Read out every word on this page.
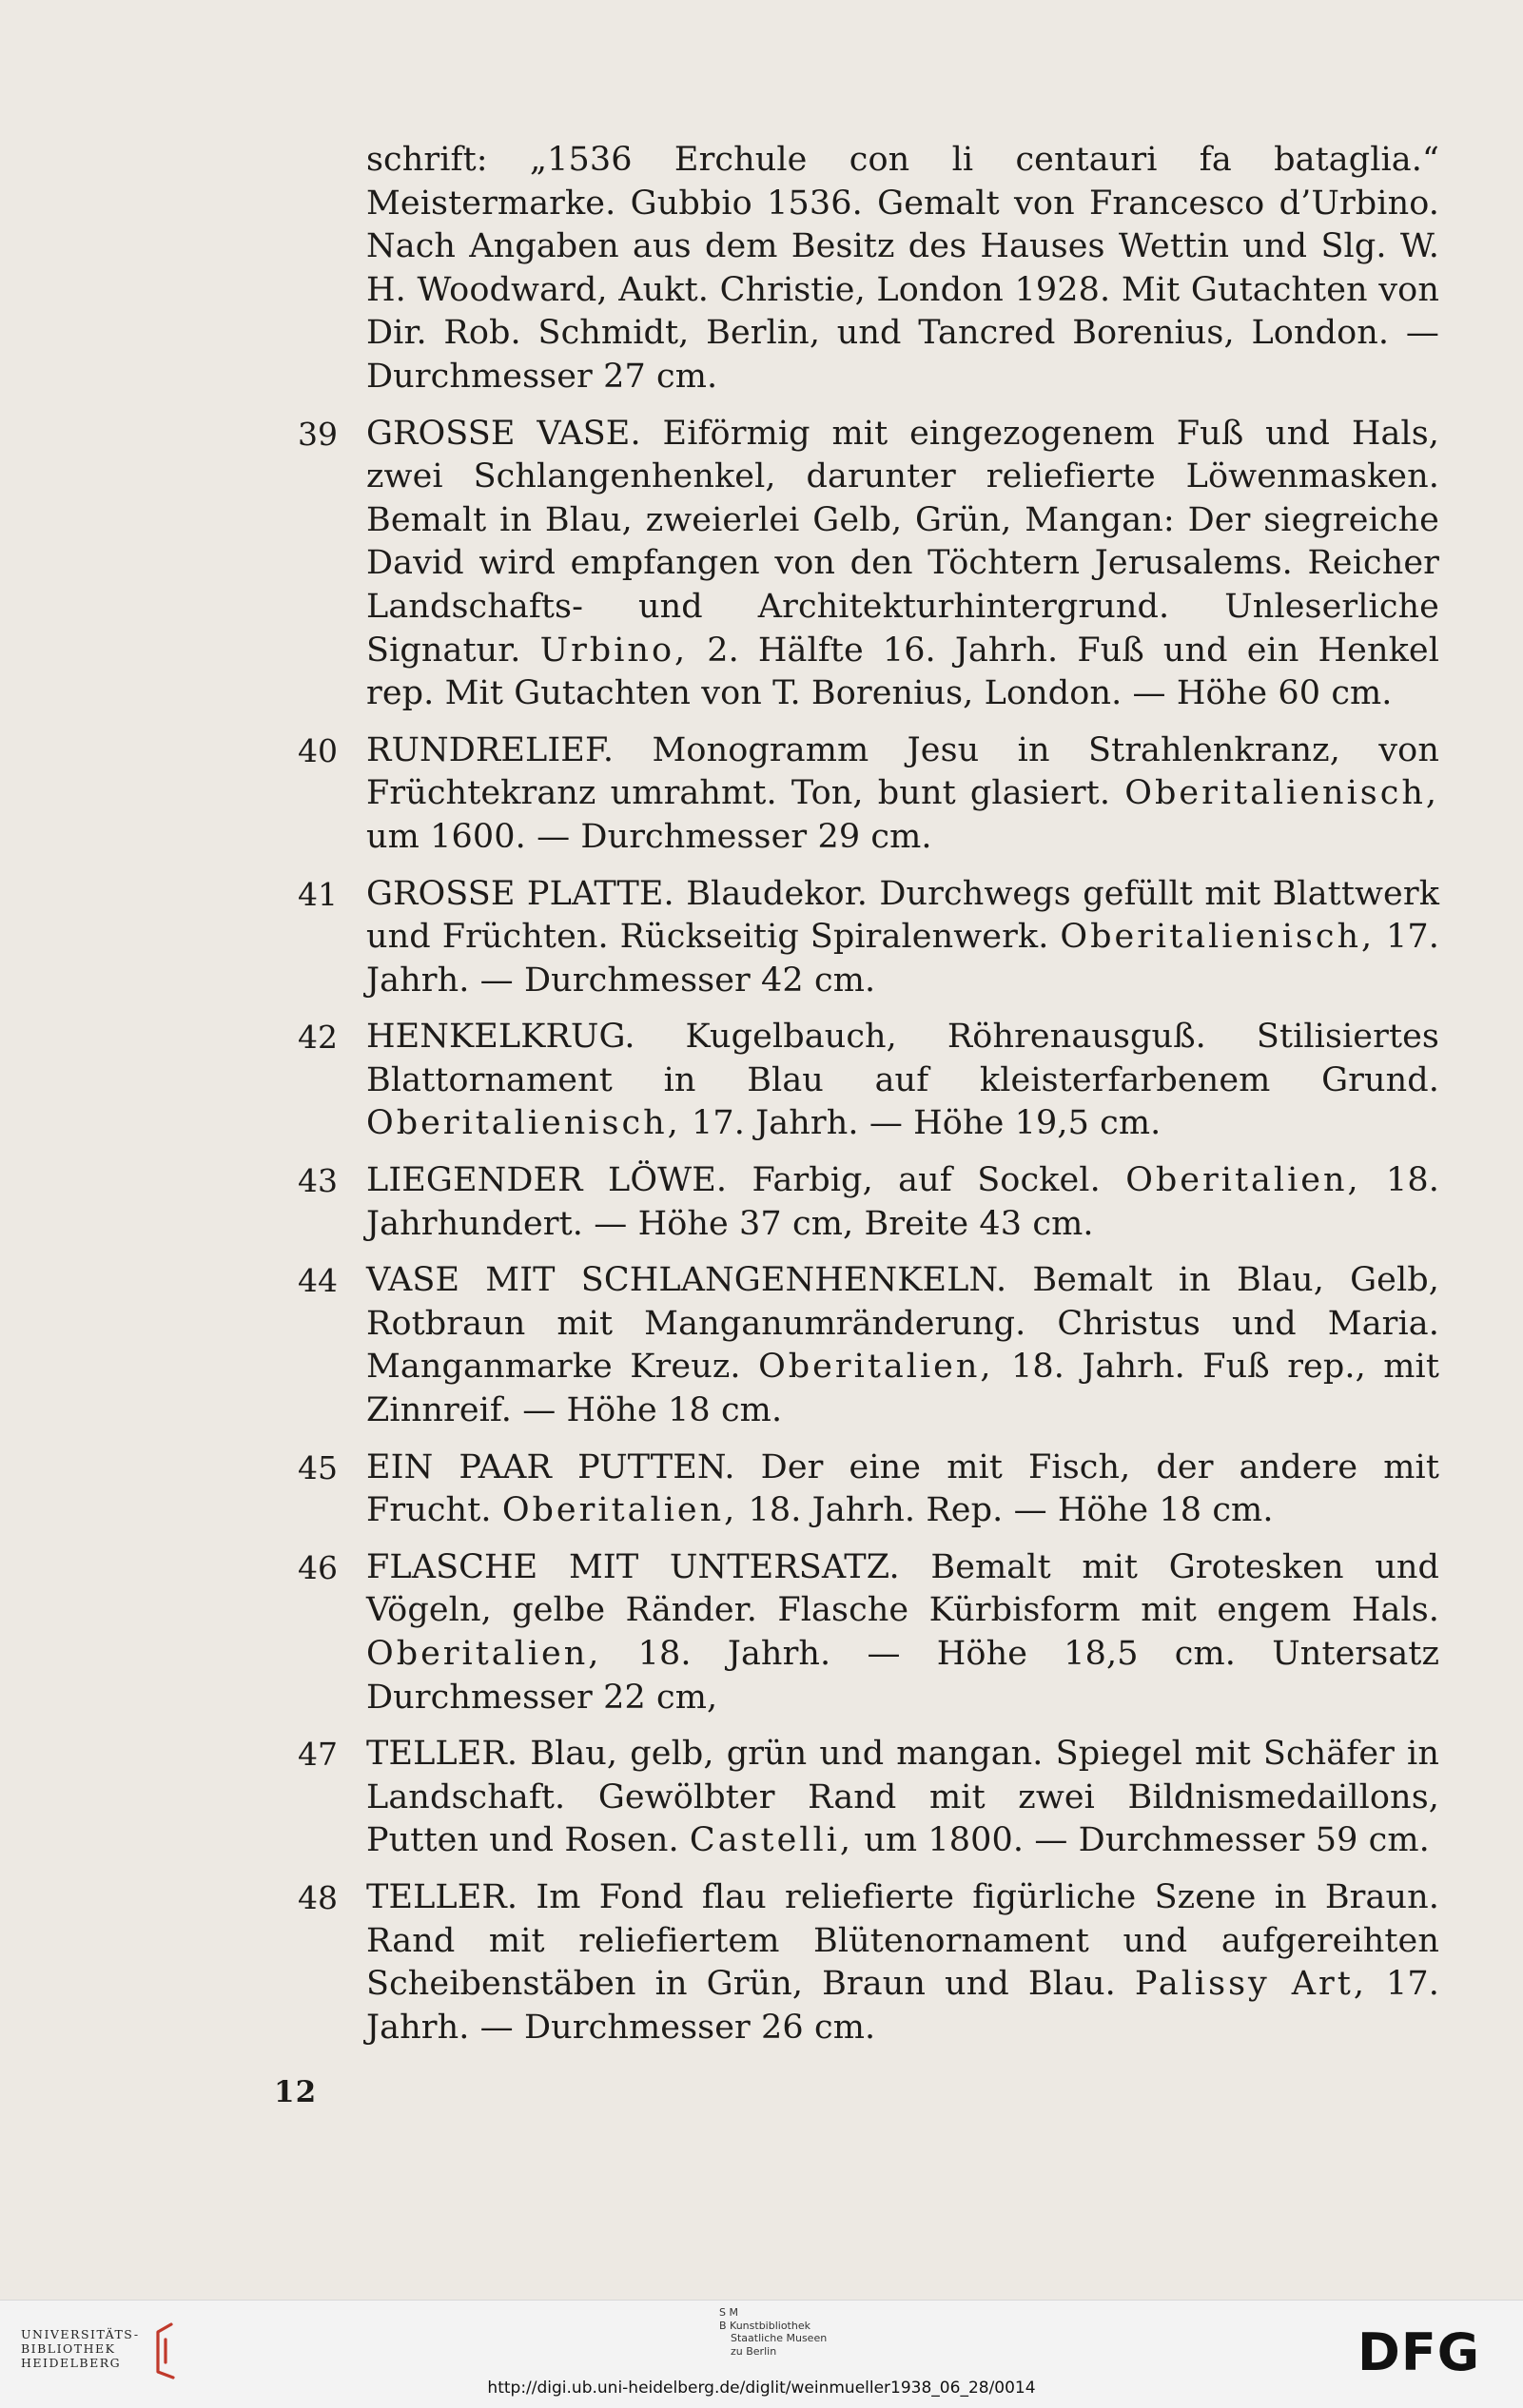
schrift: „1536 Erchule con li centauri fa bataglia.“ Meistermarke. Gubbio 1536. Gemalt von Francesco d’Urbino. Nach Angaben aus dem Besitz des Hauses Wettin und Slg. W. H. Woodward, Aukt. Christie, London 1928. Mit Gutachten von Dir. Rob. Schmidt, Berlin, und Tancred Borenius, London. — Durchmesser 27 cm.
39 GROSSE VASE. Eiförmig mit eingezogenem Fuß und Hals, zwei Schlangenhenkel, darunter reliefierte Löwenmasken. Bemalt in Blau, zweierlei Gelb, Grün, Mangan: Der siegreiche David wird empfangen von den Töchtern Jerusalems. Reicher Landschafts- und Architekturhintergrund. Unleserliche Signatur. Urbino, 2. Hälfte 16. Jahrh. Fuß und ein Henkel rep. Mit Gutachten von T. Borenius, London. — Höhe 60 cm.
40 RUNDRELIEF. Monogramm Jesu in Strahlenkranz, von Früchtekranz umrahmt. Ton, bunt glasiert. Oberitalienisch, um 1600. — Durchmesser 29 cm.
41 GROSSE PLATTE. Blaudekor. Durchwegs gefüllt mit Blattwerk und Früchten. Rückseitig Spiralenwerk. Oberitalienisch, 17. Jahrh. — Durchmesser 42 cm.
42 HENKELKRUG. Kugelbauch, Röhrenausguß. Stilisiertes Blattornament in Blau auf kleisterfarbenem Grund. Oberitalienisch, 17. Jahrh. — Höhe 19,5 cm.
43 LIEGENDER LÖWE. Farbig, auf Sockel. Oberitalien, 18. Jahrhundert. — Höhe 37 cm, Breite 43 cm.
44 VASE MIT SCHLANGENHENKELN. Bemalt in Blau, Gelb, Rotbraun mit Manganumränderung. Christus und Maria. Manganmarke Kreuz. Oberitalien, 18. Jahrh. Fuß rep., mit Zinnreif. — Höhe 18 cm.
45 EIN PAAR PUTTEN. Der eine mit Fisch, der andere mit Frucht. Oberitalien, 18. Jahrh. Rep. — Höhe 18 cm.
46 FLASCHE MIT UNTERSATZ. Bemalt mit Grotesken und Vögeln, gelbe Ränder. Flasche Kürbisform mit engem Hals. Oberitalien, 18. Jahrh. — Höhe 18,5 cm. Untersatz Durchmesser 22 cm,
47 TELLER. Blau, gelb, grün und mangan. Spiegel mit Schäfer in Landschaft. Gewölbter Rand mit zwei Bildnismedaillons, Putten und Rosen. Castelli, um 1800. — Durchmesser 59 cm.
48 TELLER. Im Fond flau reliefierte figürliche Szene in Braun. Rand mit reliefiertem Blütenornament und aufgereihten Scheibenstäben in Grün, Braun und Blau. Palissy Art, 17. Jahrh. — Durchmesser 26 cm.
12
UNIVERSITÄTS-
BIBLIOTHEK
HEIDELBERG
S M
B Kunstbibliothek
Staatliche Museen
zu Berlin	DFG
http://digi.ub.uni-heidelberg.de/diglit/weinmueller1938_06_28/0014
